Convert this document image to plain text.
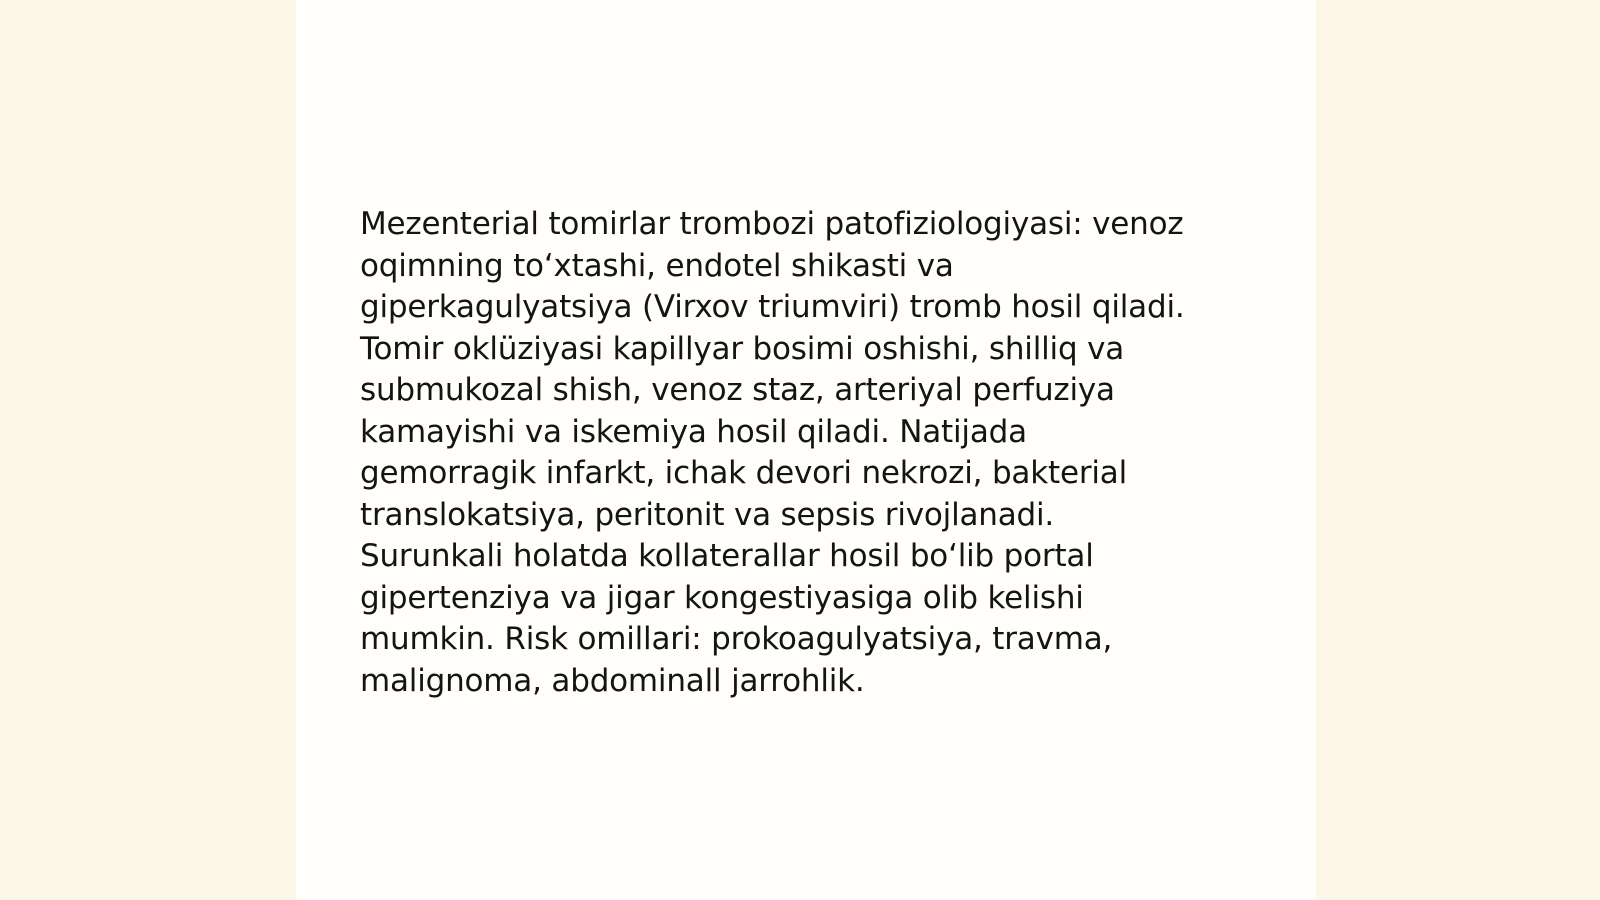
Mezenterial tomirlar trombozi patofiziologiyasi: venoz
oqimning to‘xtashi, endotel shikasti va
giperkagulyatsiya (Virxov triumviri) tromb hosil qiladi.
Tomir oklüziyasi kapillyar bosimi oshishi, shilliq va
submukozal shish, venoz staz, arteriyal perfuziya
kamayishi va iskemiya hosil qiladi. Natijada
gemorragik infarkt, ichak devori nekrozi, bakterial
translokatsiya, peritonit va sepsis rivojlanadi.
Surunkali holatda kollaterallar hosil bo‘lib portal
gipertenziya va jigar kongestiyasiga olib kelishi
mumkin. Risk omillari: prokoagulyatsiya, travma,
malignoma, abdominall jarrohlik.
